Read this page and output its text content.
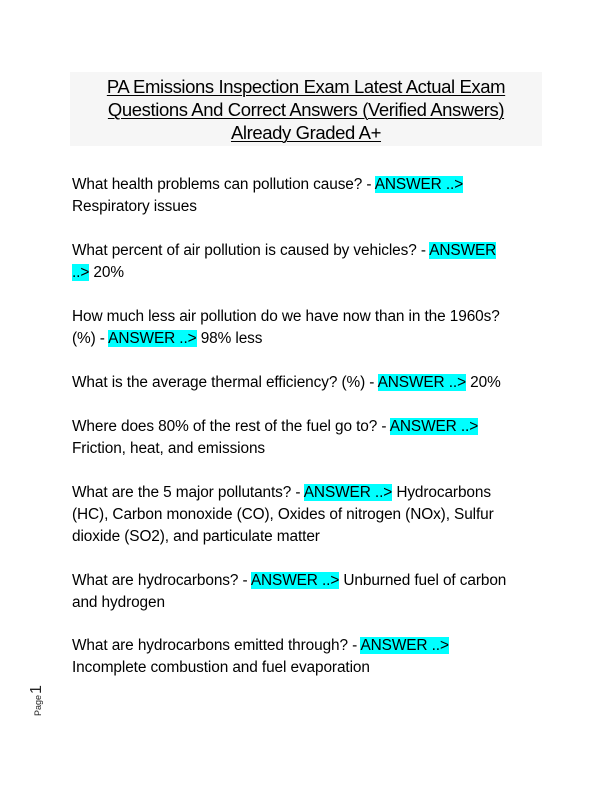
PA Emissions Inspection Exam Latest Actual Exam
Questions And Correct Answers (Verified Answers)
Already Graded A+
What health problems can pollution cause? - ANSWER ..>
Respiratory issues
What percent of air pollution is caused by vehicles? - ANSWER
..> 20%
How much less air pollution do we have now than in the 1960s?
(%) - ANSWER ..> 98% less
What is the average thermal efficiency? (%) - ANSWER ..> 20%
Where does 80% of the rest of the fuel go to? - ANSWER ..>
Friction, heat, and emissions
What are the 5 major pollutants? - ANSWER ..> Hydrocarbons
(HC), Carbon monoxide (CO), Oxides of nitrogen (NOx), Sulfur
dioxide (SO2), and particulate matter
What are hydrocarbons? - ANSWER ..> Unburned fuel of carbon
and hydrogen
What are hydrocarbons emitted through? - ANSWER ..>
Incomplete combustion and fuel evaporation
Page1
